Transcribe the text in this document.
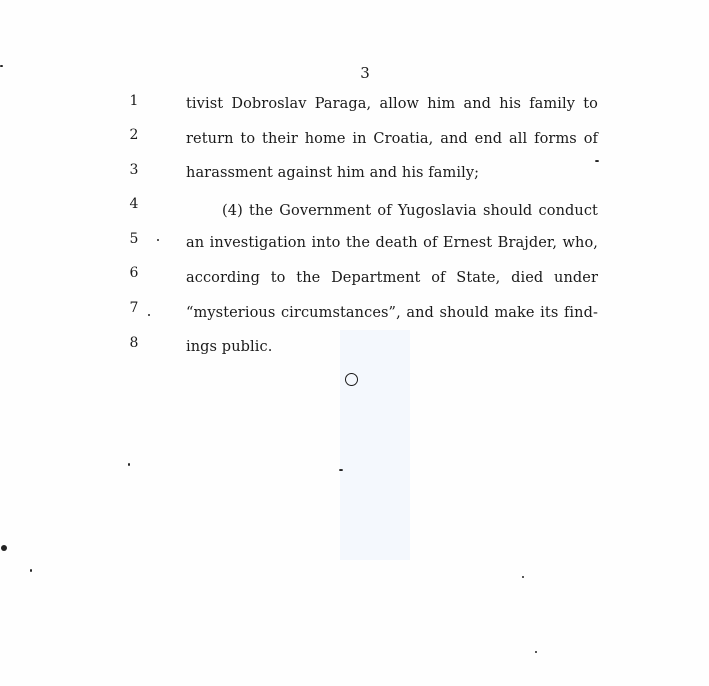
3
1	tivist Dobroslav Paraga, allow him and his family to
2	return to their home in Croatia, and end all forms of
3	harassment against him and his family;
4	(4) the Government of Yugoslavia should conduct
5	an investigation into the death of Ernest Brajder, who,
6	according to the Department of State, died under
7	“mysterious circumstances”, and should make its find-
8	ings public.
